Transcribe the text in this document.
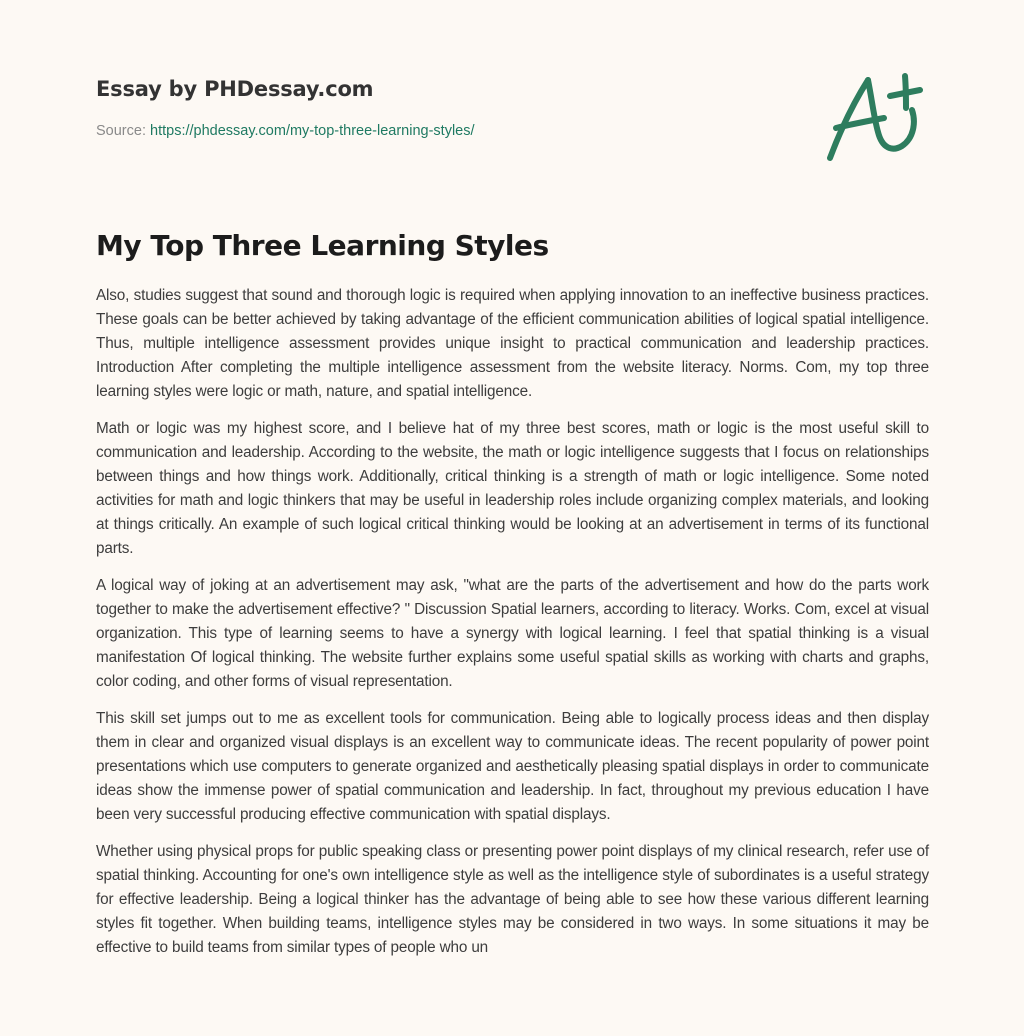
Essay by PHDessay.com
Source: https://phdessay.com/my-top-three-learning-styles/
My Top Three Learning Styles

Also, studies suggest that sound and thorough logic is required when applying innovation to an ineffective business practices. These goals can be better achieved by taking advantage of the efficient communication abilities of logical spatial intelligence. Thus, multiple intelligence assessment provides unique insight to practical communication and leadership practices. Introduction After completing the multiple intelligence assessment from the website literacy. Norms. Com, my top three learning styles were logic or math, nature, and spatial intelligence.

Math or logic was my highest score, and I believe hat of my three best scores, math or logic is the most useful skill to communication and leadership. According to the website, the math or logic intelligence suggests that I focus on relationships between things and how things work. Additionally, critical thinking is a strength of math or logic intelligence. Some noted activities for math and logic thinkers that may be useful in leadership roles include organizing complex materials, and looking at things critically. An example of such logical critical thinking would be looking at an advertisement in terms of its functional parts.

A logical way of joking at an advertisement may ask, "what are the parts of the advertisement and how do the parts work together to make the advertisement effective? " Discussion Spatial learners, according to literacy. Works. Com, excel at visual organization. This type of learning seems to have a synergy with logical learning. I feel that spatial thinking is a visual manifestation Of logical thinking. The website further explains some useful spatial skills as working with charts and graphs, color coding, and other forms of visual representation.

This skill set jumps out to me as excellent tools for communication. Being able to logically process ideas and then display them in clear and organized visual displays is an excellent way to communicate ideas. The recent popularity of power point presentations which use computers to generate organized and aesthetically pleasing spatial displays in order to communicate ideas show the immense power of spatial communication and leadership. In fact, throughout my previous education I have been very successful producing effective communication with spatial displays.

Whether using physical props for public speaking class or presenting power point displays of my clinical research, refer use of spatial thinking. Accounting for one's own intelligence style as well as the intelligence style of subordinates is a useful strategy for effective leadership. Being a logical thinker has the advantage of being able to see how these various different learning styles fit together. When building teams, intelligence styles may be considered in two ways. In some situations it may be effective to build teams from similar types of people who un
